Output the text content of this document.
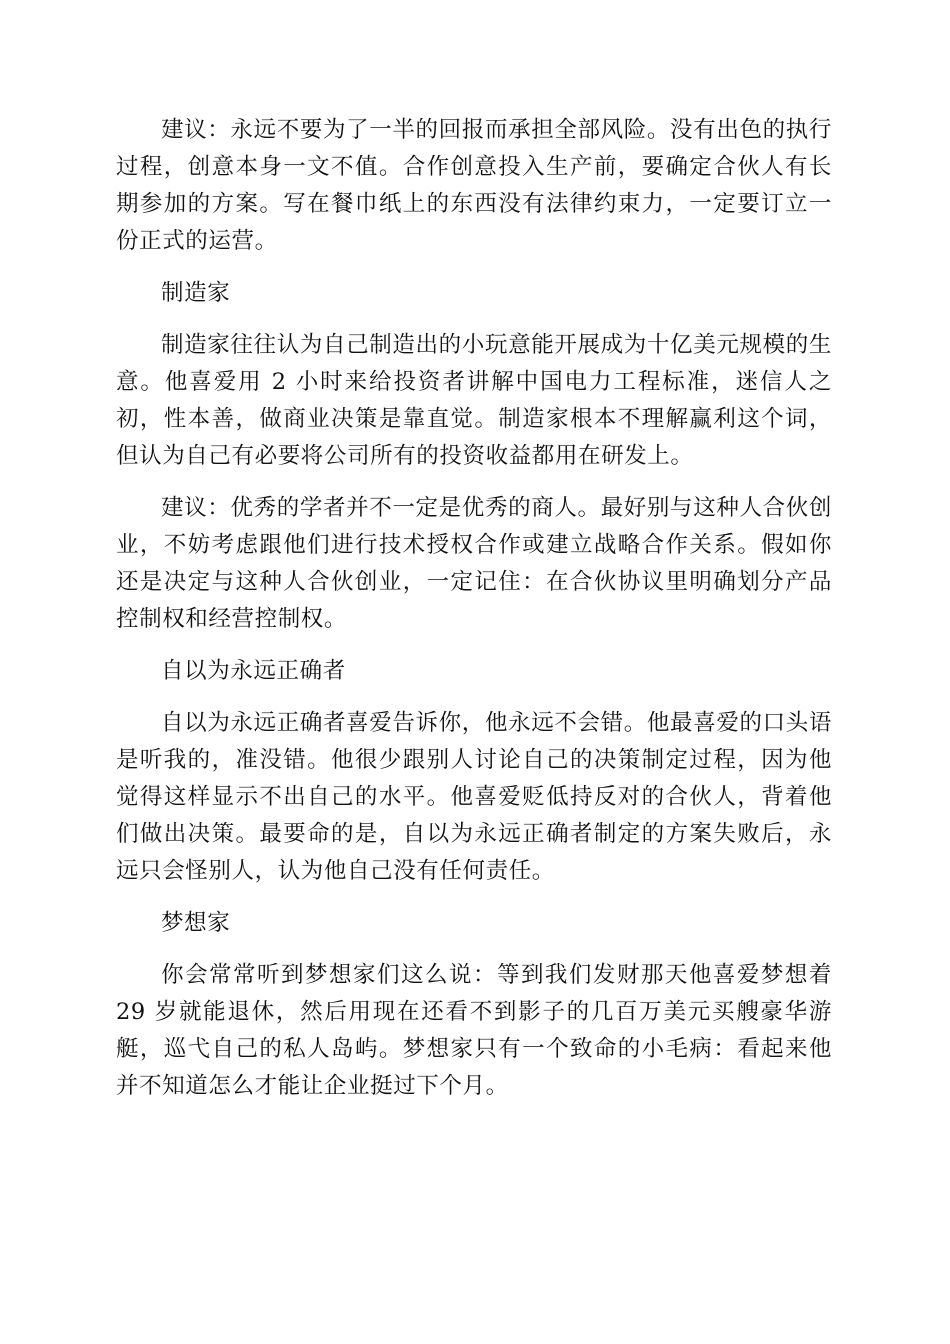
建议：永远不要为了一半的回报而承担全部风险。没有出色的执行过程，创意本身一文不值。合作创意投入生产前，要确定合伙人有长期参加的方案。写在餐巾纸上的东西没有法律约束力，一定要订立一份正式的运营。

制造家

制造家往往认为自己制造出的小玩意能开展成为十亿美元规模的生意。他喜爱用 2 小时来给投资者讲解中国电力工程标准，迷信人之初，性本善，做商业决策是靠直觉。制造家根本不理解赢利这个词，但认为自己有必要将公司所有的投资收益都用在研发上。

建议：优秀的学者并不一定是优秀的商人。最好别与这种人合伙创业，不妨考虑跟他们进行技术授权合作或建立战略合作关系。假如你还是决定与这种人合伙创业，一定记住：在合伙协议里明确划分产品控制权和经营控制权。

自以为永远正确者

自以为永远正确者喜爱告诉你，他永远不会错。他最喜爱的口头语是听我的，准没错。他很少跟别人讨论自己的决策制定过程，因为他觉得这样显示不出自己的水平。他喜爱贬低持反对的合伙人，背着他们做出决策。最要命的是，自以为永远正确者制定的方案失败后，永远只会怪别人，认为他自己没有任何责任。

梦想家

你会常常听到梦想家们这么说：等到我们发财那天他喜爱梦想着 29 岁就能退休，然后用现在还看不到影子的几百万美元买艘豪华游艇，巡弋自己的私人岛屿。梦想家只有一个致命的小毛病：看起来他并不知道怎么才能让企业挺过下个月。
